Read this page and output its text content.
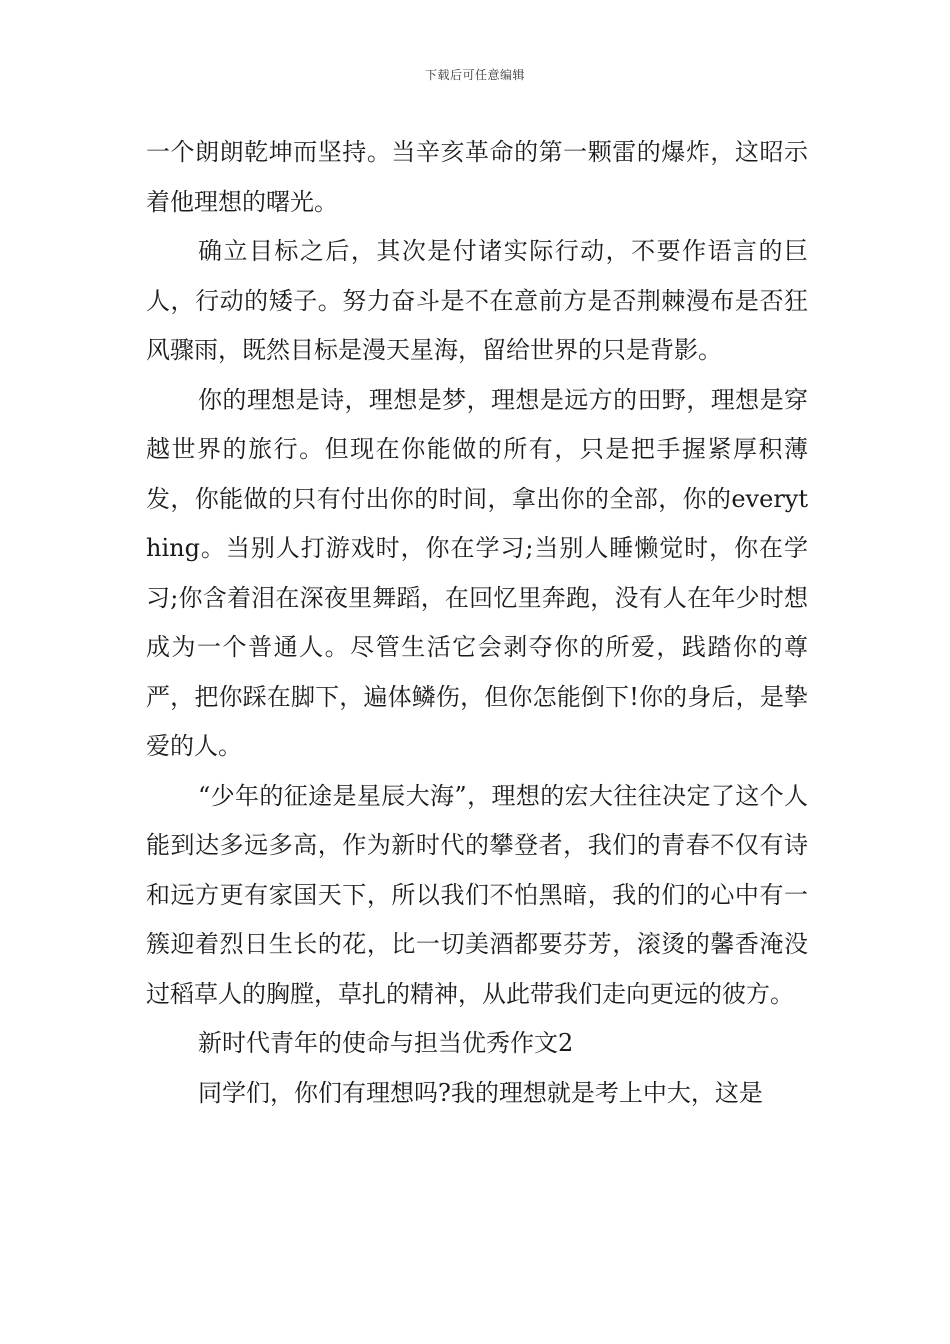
下载后可任意编辑

一个朗朗乾坤而坚持。当辛亥革命的第一颗雷的爆炸，这昭示着他理想的曙光。

确立目标之后，其次是付诸实际行动，不要作语言的巨人，行动的矮子。努力奋斗是不在意前方是否荆棘漫布是否狂风骤雨，既然目标是漫天星海，留给世界的只是背影。

你的理想是诗，理想是梦，理想是远方的田野，理想是穿越世界的旅行。但现在你能做的所有，只是把手握紧厚积薄发，你能做的只有付出你的时间，拿出你的全部，你的everything。当别人打游戏时，你在学习;当别人睡懒觉时，你在学习;你含着泪在深夜里舞蹈，在回忆里奔跑，没有人在年少时想成为一个普通人。尽管生活它会剥夺你的所爱，践踏你的尊严，把你踩在脚下，遍体鳞伤，但你怎能倒下!你的身后，是挚爱的人。

“少年的征途是星辰大海”，理想的宏大往往决定了这个人能到达多远多高，作为新时代的攀登者，我们的青春不仅有诗和远方更有家国天下，所以我们不怕黑暗，我的们的心中有一簇迎着烈日生长的花，比一切美酒都要芬芳，滚烫的馨香淹没过稻草人的胸膛，草扎的精神，从此带我们走向更远的彼方。

新时代青年的使命与担当优秀作文2

同学们，你们有理想吗?我的理想就是考上中大，这是
